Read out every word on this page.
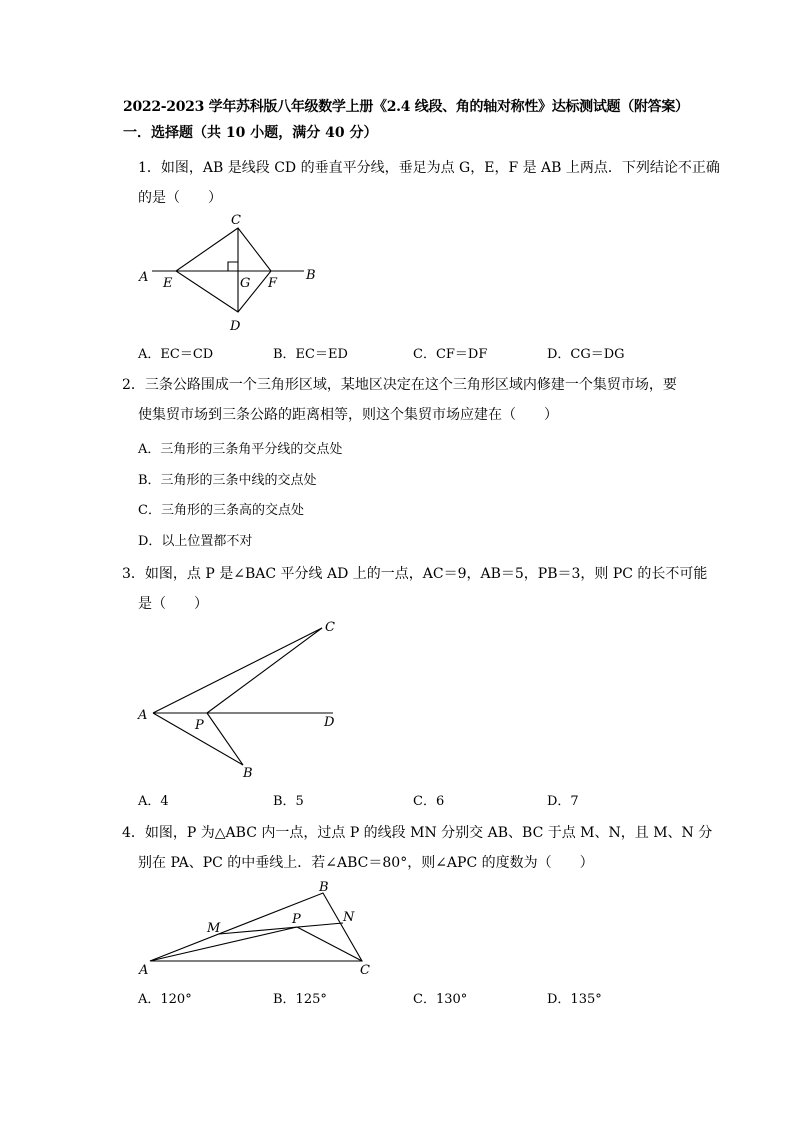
2022-2023 学年苏科版八年级数学上册《2.4 线段、角的轴对称性》达标测试题（附答案）
一．选择题（共 10 小题，满分 40 分）
1．如图，AB 是线段 CD 的垂直平分线，垂足为点 G，E，F 是 AB 上两点．下列结论不正确
的是（　　）
A	B
C
D
E	F
G
A．EC＝CD	B．EC＝ED	C．CF＝DF	D．CG＝DG
2．三条公路围成一个三角形区域，某地区决定在这个三角形区域内修建一个集贸市场，要
使集贸市场到三条公路的距离相等，则这个集贸市场应建在（　　）
A．三角形的三条角平分线的交点处
B．三角形的三条中线的交点处
C．三角形的三条高的交点处
D．以上位置都不对
3．如图，点 P 是∠BAC 平分线 AD 上的一点，AC＝9，AB＝5，PB＝3，则 PC 的长不可能
是（　　）
A
B
C
D
P
A．4	B．5	C．6	D．7
4．如图，P 为△ABC 内一点，过点 P 的线段 MN 分别交 AB、BC 于点 M、N，且 M、N 分
别在 PA、PC 的中垂线上．若∠ABC＝80°，则∠APC 的度数为（　　）
A
B
C
M
N
P
A．120°	B．125°	C．130°	D．135°
